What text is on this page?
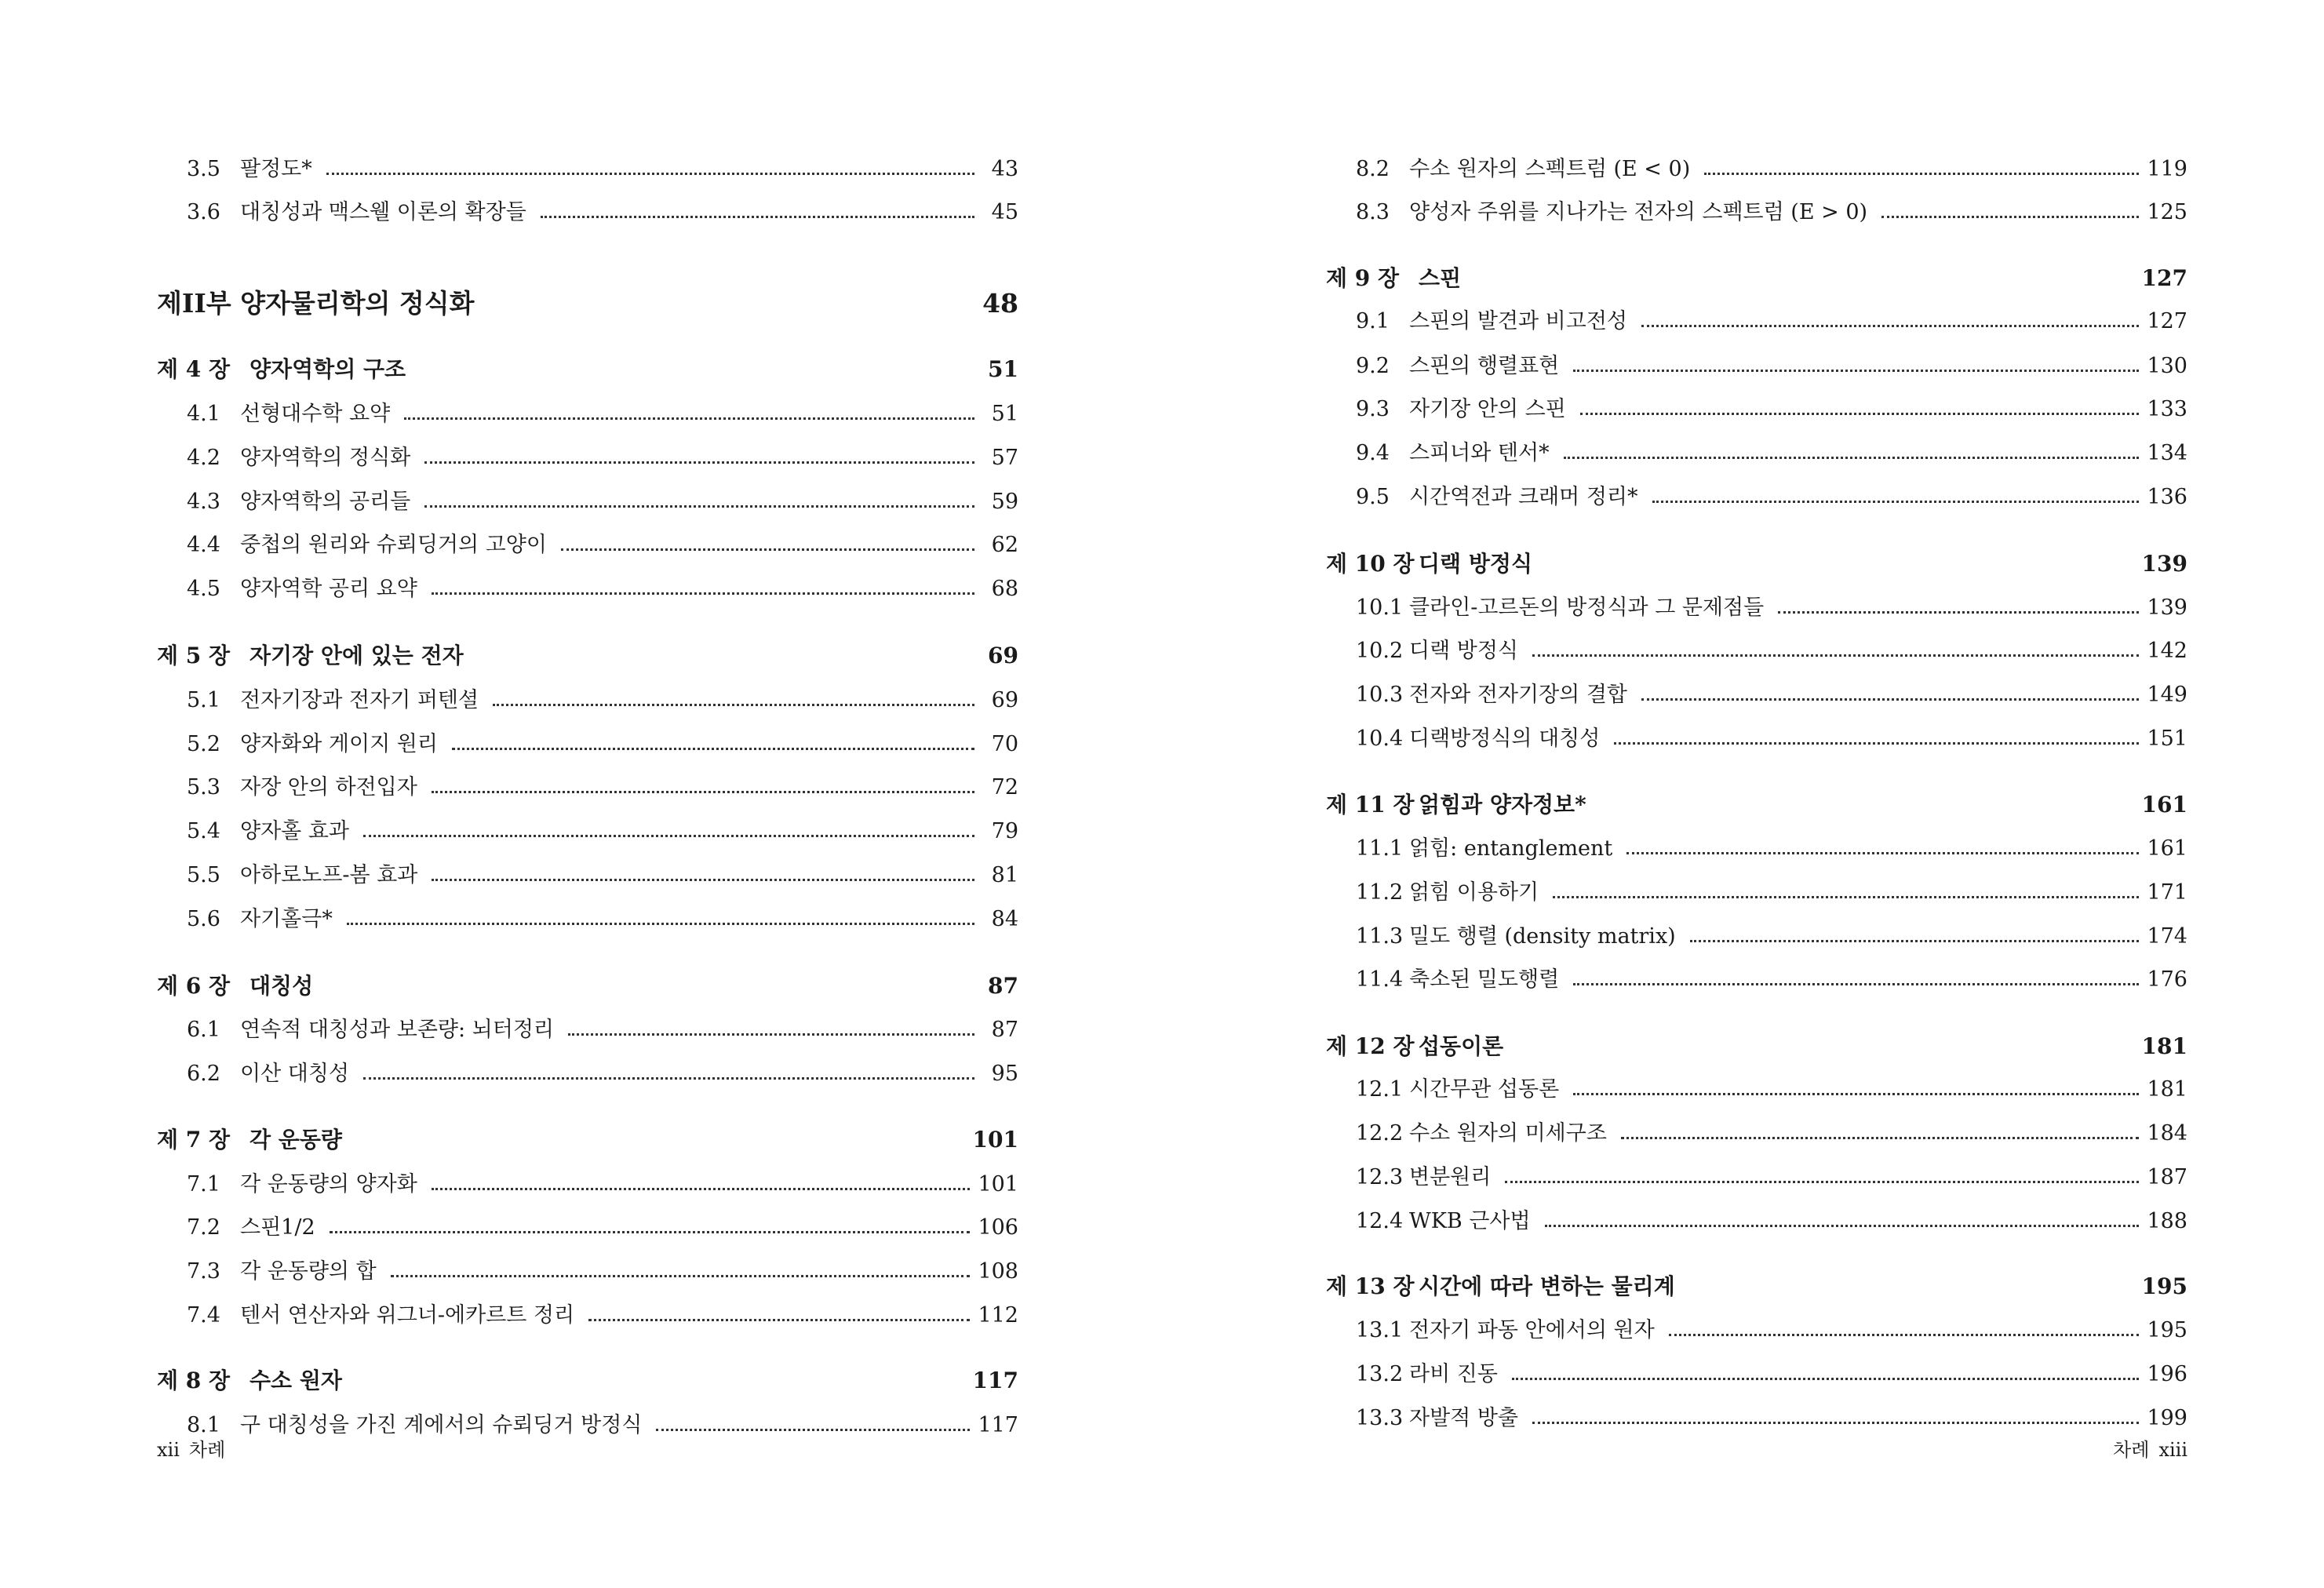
3.5 팔정도*	43
3.6 대칭성과 맥스웰 이론의 확장들	45
제II부 양자물리학의 정식화	48
제 4 장 양자역학의 구조	51
4.1 선형대수학 요약	51
4.2 양자역학의 정식화	57
4.3 양자역학의 공리들	59
4.4 중첩의 원리와 슈뢰딩거의 고양이	62
4.5 양자역학 공리 요약	68
제 5 장 자기장 안에 있는 전자	69
5.1 전자기장과 전자기 퍼텐셜	69
5.2 양자화와 게이지 원리	70
5.3 자장 안의 하전입자	72
5.4 양자홀 효과	79
5.5 아하로노프-봄 효과	81
5.6 자기홀극*	84
제 6 장 대칭성	87
6.1 연속적 대칭성과 보존량: 뇌터정리	87
6.2 이산 대칭성	95
제 7 장 각 운동량	101
7.1 각 운동량의 양자화	101
7.2 스핀1/2	106
7.3 각 운동량의 합	108
7.4 텐서 연산자와 위그너-에카르트 정리	112
제 8 장 수소 원자	117
8.1 구 대칭성을 가진 계에서의 슈뢰딩거 방정식	117
xii 차례
8.2 수소 원자의 스펙트럼 (E < 0)	119
8.3 양성자 주위를 지나가는 전자의 스펙트럼 (E > 0)	125
제 9 장 스핀	127
9.1 스핀의 발견과 비고전성	127
9.2 스핀의 행렬표현	130
9.3 자기장 안의 스핀	133
9.4 스피너와 텐서*	134
9.5 시간역전과 크래머 정리*	136
제 10 장 디랙 방정식	139
10.1 클라인-고르돈의 방정식과 그 문제점들	139
10.2 디랙 방정식	142
10.3 전자와 전자기장의 결합	149
10.4 디랙방정식의 대칭성	151
제 11 장 얽힘과 양자정보*	161
11.1 얽힘: entanglement	161
11.2 얽힘 이용하기	171
11.3 밀도 행렬 (density matrix)	174
11.4 축소된 밀도행렬	176
제 12 장 섭동이론	181
12.1 시간무관 섭동론	181
12.2 수소 원자의 미세구조	184
12.3 변분원리	187
12.4 WKB 근사법	188
제 13 장 시간에 따라 변하는 물리계	195
13.1 전자기 파동 안에서의 원자	195
13.2 라비 진동	196
13.3 자발적 방출	199
차례 xiii
